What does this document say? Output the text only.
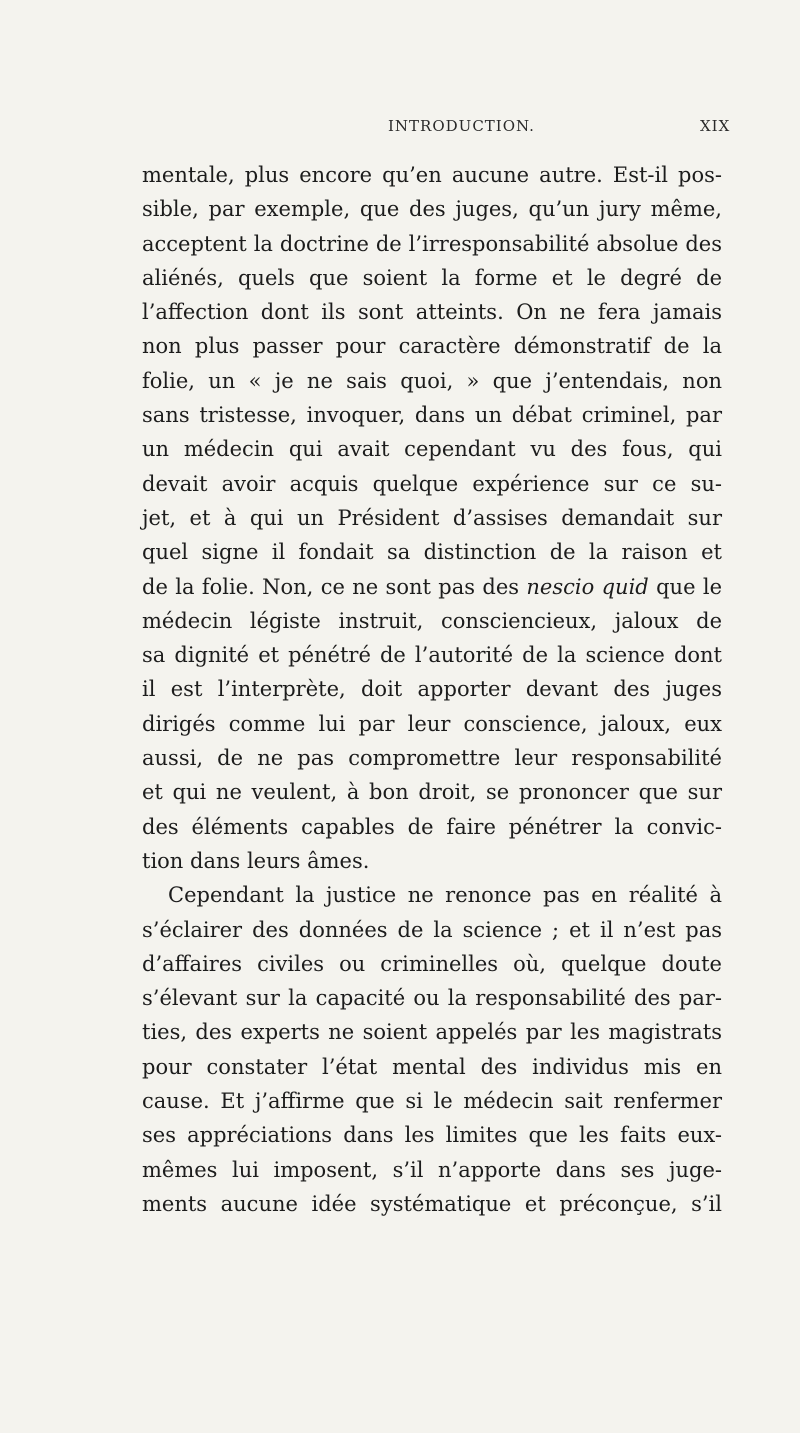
INTRODUCTION.	XIX
mentale, plus encore qu’en aucune autre. Est-il pos-
sible, par exemple, que des juges, qu’un jury même,
acceptent la doctrine de l’irresponsabilité absolue des
aliénés, quels que soient la forme et le degré de
l’affection dont ils sont atteints. On ne fera jamais
non plus passer pour caractère démonstratif de la
folie, un « je ne sais quoi, » que j’entendais, non
sans tristesse, invoquer, dans un débat criminel, par
un médecin qui avait cependant vu des fous, qui
devait avoir acquis quelque expérience sur ce su-
jet, et à qui un Président d’assises demandait sur
quel signe il fondait sa distinction de la raison et
de la folie. Non, ce ne sont pas des nescio quid que le
médecin légiste instruit, consciencieux, jaloux de
sa dignité et pénétré de l’autorité de la science dont
il est l’interprète, doit apporter devant des juges
dirigés comme lui par leur conscience, jaloux, eux
aussi, de ne pas compromettre leur responsabilité
et qui ne veulent, à bon droit, se prononcer que sur
des éléments capables de faire pénétrer la convic-
tion dans leurs âmes.
Cependant la justice ne renonce pas en réalité à
s’éclairer des données de la science ; et il n’est pas
d’affaires civiles ou criminelles où, quelque doute
s’élevant sur la capacité ou la responsabilité des par-
ties, des experts ne soient appelés par les magistrats
pour constater l’état mental des individus mis en
cause. Et j’affirme que si le médecin sait renfermer
ses appréciations dans les limites que les faits eux-
mêmes lui imposent, s’il n’apporte dans ses juge-
ments aucune idée systématique et préconçue, s’il
